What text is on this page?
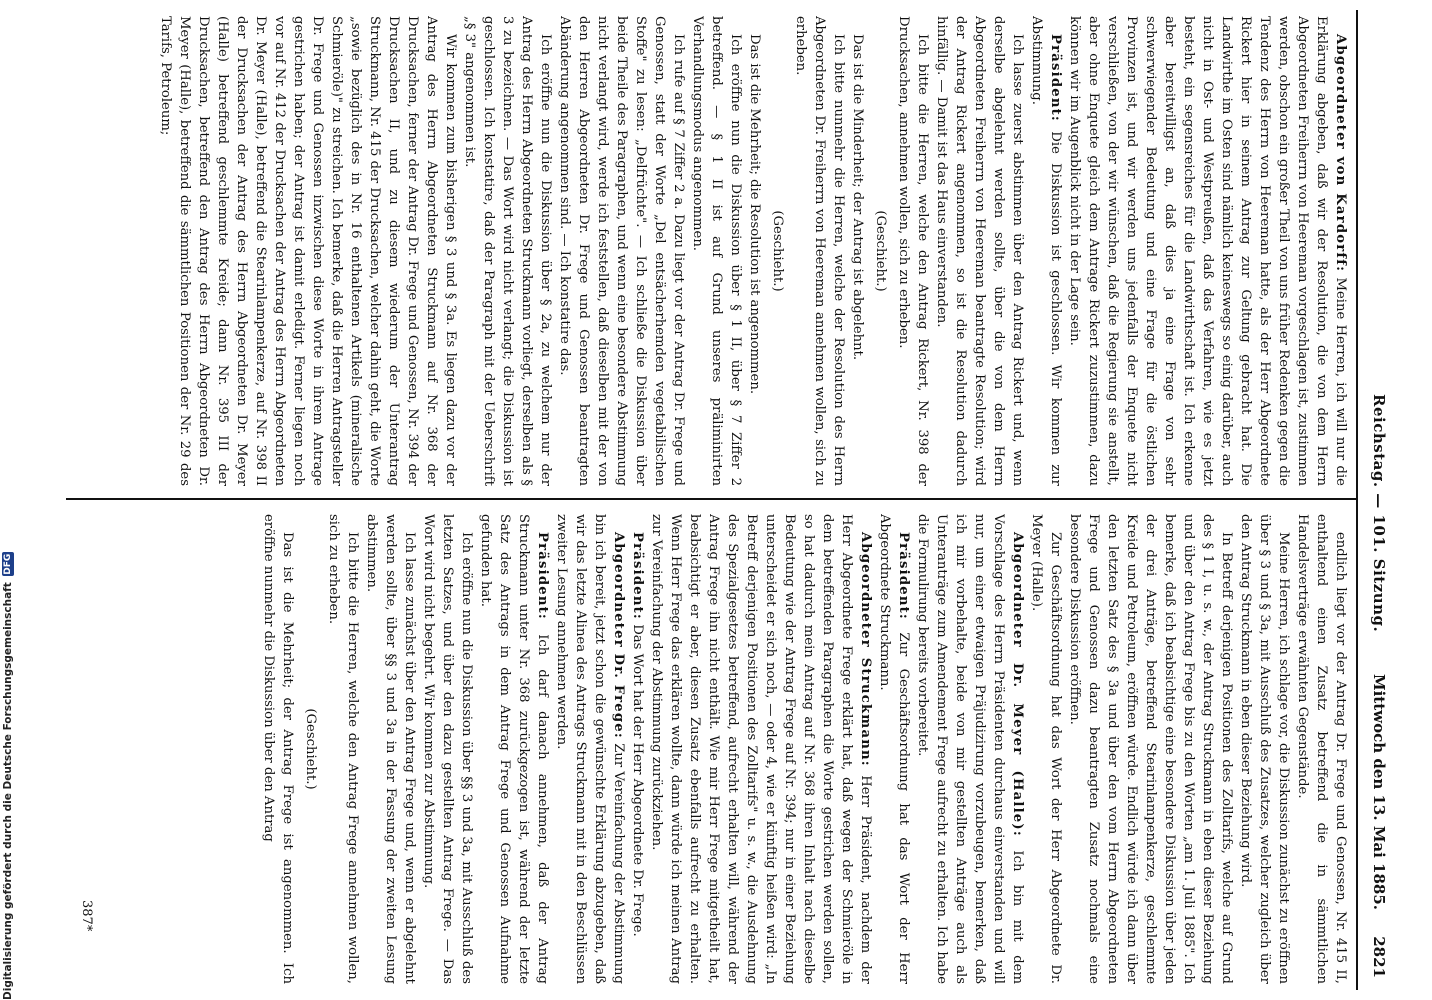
Reichstag. — 101. Sitzung.
Mittwoch den 13. Mai 1885.
2821

Abgeordneter von Kardorff: Meine Herren, ich will nur die Erklärung abgeben, daß wir der Resolution, die von dem Herrn Abgeordneten Freiherrn von Heereman vorgeschlagen ist, zustimmen werden, obschon ein großer Theil von uns früher Redenken gegen die Tendenz des Herrn von Heereman hatte, als der Herr Abgeordnete Rickert hier in seinem Antrag zur Geltung gebracht hat. Die Landwirthe im Osten sind nämlich keineswegs so einig darüber, auch nicht in Ost- und Westpreußen, daß das Verfahren, wie es jetzt besteht, ein segensreiches für die Landwirthschaft ist. Ich erkenne aber bereitwilligst an, daß dies ja eine Frage von sehr schwerwiegender Bedeutung und eine Frage für die östlichen Provinzen ist, und wir werden uns jedenfalls der Enquete nicht verschließen, von der wir wünschen, daß die Regierung sie anstellt, aber ohne Enquete gleich dem Antrage Rickert zuzustimmen, dazu können wir im Augenblick nicht in der Lage sein.

Präsident: Die Diskussion ist geschlossen. Wir kommen zur Abstimmung.

Ich lasse zuerst abstimmen über den Antrag Rickert und, wenn derselbe abgelehnt werden sollte, über die von dem Herrn Abgeordneten Freiherrn von Heereman beantragte Resolution; wird der Antrag Rickert angenommen, so ist die Resolution dadurch hinfällig. — Damit ist das Haus einverstanden.

Ich bitte die Herren, welche den Antrag Rickert, Nr. 398 der Drucksachen, annehmen wollen, sich zu erheben.

(Geschieht.)

Das ist die Minderheit; der Antrag ist abgelehnt.

Ich bitte nunmehr die Herren, welche der Resolution des Herrn Abgeordneten Dr. Freiherrn von Heereman annehmen wollen, sich zu erheben.

(Geschieht.)

Das ist die Mehrheit; die Resolution ist angenommen.

Ich eröffne nun die Diskussion über § 1 II, über § 7 Ziffer 2 betreffend. — § 1 II ist auf Grund unseres präliminirten Verhandlungsmodus angenommen.

Ich rufe auf § 7 Ziffer 2 a. Dazu liegt vor der Antrag Dr. Frege und Genossen, statt der Worte „Del entsächerhemden vegetabilischen Stoffe" zu lesen: „Delfrüchte". — Ich schließe die Diskussion über beide Theile des Paragraphen, und wenn eine besondere Abstimmung nicht verlangt wird, werde ich feststellen, daß dieselben mit der von den Herren Abgeordneten Dr. Frege und Genossen beantragten Abänderung angenommen sind. — Ich konstatire das.

Ich eröffne nun die Diskussion über § 2a, zu welchem nur der Antrag des Herrn Abgeordneten Struckmann vorliegt, derselben als § 3 zu bezeichnen. — Das Wort wird nicht verlangt; die Diskussion ist geschlossen. Ich konstatire, daß der Paragraph mit der Ueberschrift „§ 3" angenommen ist.

Wir kommen zum bisherigen § 3 und § 3a. Es liegen dazu vor der Antrag des Herrn Abgeordneten Struckmann auf Nr. 368 der Drucksachen, ferner der Antrag Dr. Frege und Genossen, Nr. 394 der Drucksachen II, und zu diesem wiederum der Unterantrag Struckmann, Nr. 415 der Drucksachen, welcher dahin geht, die Worte „sowie bezüglich des in Nr. 16 enthaltenen Artikels (mineralische Schmieröle)" zu streichen. Ich bemerke, daß die Herren Antragsteller Dr. Frege und Genossen inzwischen diese Worte in ihrem Antrage gestrichen haben; der Antrag ist damit erledigt. Ferner liegen noch vor auf Nr. 412 der Drucksachen der Antrag des Herrn Abgeordneten Dr. Meyer (Halle), betreffend die Stearinlampenkerze, auf Nr. 398 II der Drucksachen der Antrag des Herrn Abgeordneten Dr. Meyer (Halle) betreffend geschlemmte Kreide; dann Nr. 395 III der Drucksachen, betreffend den Antrag des Herrn Abgeordneten Dr. Meyer (Halle), betreffend die sämmtlichen Positionen der Nr. 29 des Tarifs, Petroleum;

endlich liegt vor der Antrag Dr. Frege und Genossen, Nr. 415 II, enthaltend einen Zusatz betreffend die in sämmtlichen Handelsverträge erwähnten Gegenstände.

Meine Herren, ich schlage vor, die Diskussion zunächst zu eröffnen über § 3 und § 3a, mit Ausschluß des Zusatzes, welcher zugleich über den Antrag Struckmann in eben dieser Beziehung wird.

In Betreff derjenigen Positionen des Zolltarifs, welche auf Grund des § 1 I, u. s. w., der Antrag Struckmann in eben dieser Beziehung und über den Antrag Frege bis zu den Worten „am 1. Juli 1885". Ich bemerke, daß ich beabsichtige eine besondere Diskussion über jeden der drei Anträge, betreffend Stearinlampenkerze, geschlemmte Kreide und Petroleum, eröffnen würde. Endlich würde ich dann über den letzten Satz des § 3a und über den vom Herrn Abgeordneten Frege und Genossen dazu beantragten Zusatz nochmals eine besondere Diskussion eröffnen.

Zur Geschäftsordnung hat das Wort der Herr Abgeordnete Dr. Meyer (Halle).

Abgeordneter Dr. Meyer (Halle): Ich bin mit dem Vorschlage des Herrn Präsidenten durchaus einverstanden und will nur, um einer etwaigen Präjudizirung vorzubeugen, bemerken, daß ich mir vorbehalte, beide von mir gestellten Anträge auch als Unteranträge zum Amendement Frege aufrecht zu erhalten. Ich habe die Formulirung bereits vorbereitet.

Präsident: Zur Geschäftsordnung hat das Wort der Herr Abgeordnete Struckmann.

Abgeordneter Struckmann: Herr Präsident, nachdem der Herr Abgeordnete Frege erklärt hat, daß wegen der Schmieröle in dem betreffenden Paragraphen die Worte gestrichen werden sollen, so hat dadurch mein Antrag auf Nr. 368 ihren Inhalt nach dieselbe Bedeutung wie der Antrag Frege auf Nr. 394; nur in einer Beziehung unterscheidet er sich noch, — oder 4, wie er künftig heißen wird: „In Betreff derjenigen Positionen des Zolltarifs" u. s. w., die Ausdehnung des Spezialgesetzes betreffend, aufrecht erhalten will, während der Antrag Frege ihn nicht enthält. Wie mir Herr Frege mitgetheilt hat, beabsichtigt er aber, diesen Zusatz ebenfalls aufrecht zu erhalten. Wenn Herr Frege das erklären wollte, dann würde ich meinen Antrag zur Vereinfachung der Abstimmung zurückziehen.

Präsident: Das Wort hat der Herr Abgeordnete Dr. Frege.

Abgeordneter Dr. Frege: Zur Vereinfachung der Abstimmung bin ich bereit, jetzt schon die gewünschte Erklärung abzugeben, daß wir das letzte Alinea des Antrags Struckmann mit in den Beschlüssen zweiter Lesung annehmen werden.

Präsident: Ich darf danach annehmen, daß der Antrag Struckmann unter Nr. 368 zurückgezogen ist, während der letzte Satz des Antrags in dem Antrag Frege und Genossen Aufnahme gefunden hat.

Ich eröffne nun die Diskussion über §§ 3 und 3a, mit Ausschluß des letzten Satzes, und über den dazu gestellten Antrag Frege. — Das Wort wird nicht begehrt. Wir kommen zur Abstimmung.

Ich lasse zunächst über den Antrag Frege und, wenn er abgelehnt werden sollte, über §§ 3 und 3a in der Fassung der zweiten Lesung abstimmen.

Ich bitte die Herren, welche den Antrag Frege annehmen wollen, sich zu erheben.

(Geschieht.)

Das ist die Mehrheit; der Antrag Frege ist angenommen. Ich eröffne nunmehr die Diskussion über den Antrag

387*
Digitalisierung gefördert durch die Deutsche ForschungsgemeinschaftDFG
